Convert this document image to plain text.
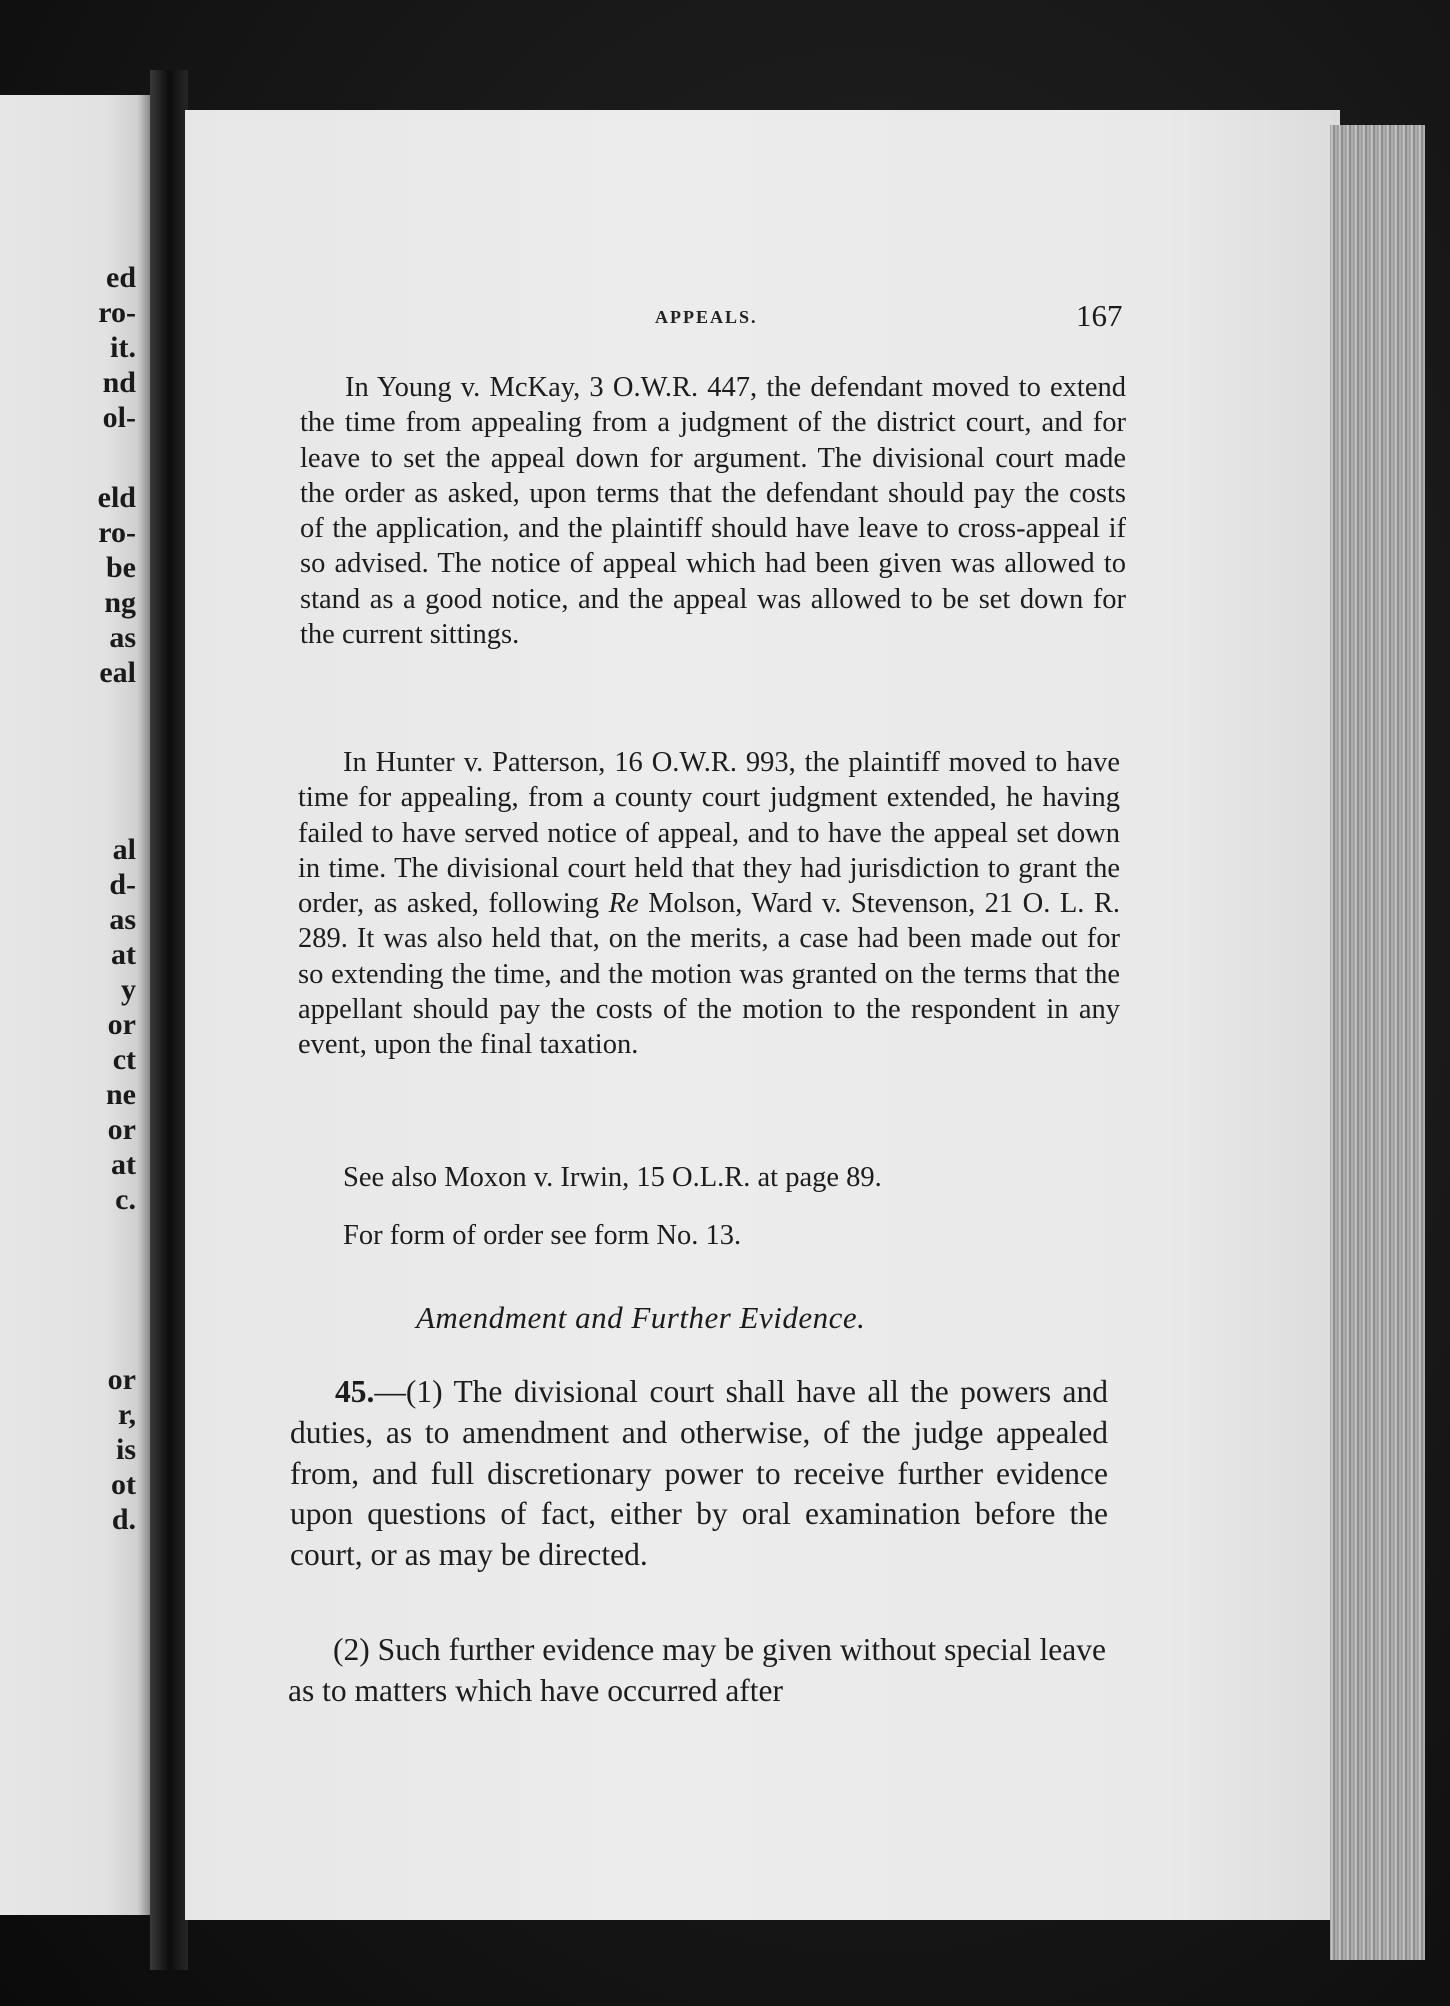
ed
ro-
it.
nd
ol-
eld
ro-
be
ng
as
eal
al
d-
as
at
y
or
ct
ne
or
at
c.
or
r,
is
ot
d.
APPEALS.	167

In Young v. McKay, 3 O.W.R. 447, the defendant moved to extend the time from appealing from a judgment of the district court, and for leave to set the appeal down for argument. The divisional court made the order as asked, upon terms that the defendant should pay the costs of the application, and the plaintiff should have leave to cross-appeal if so advised. The notice of appeal which had been given was allowed to stand as a good notice, and the appeal was allowed to be set down for the current sittings.

In Hunter v. Patterson, 16 O.W.R. 993, the plaintiff moved to have time for appealing, from a county court judgment extended, he having failed to have served notice of appeal, and to have the appeal set down in time. The divisional court held that they had jurisdiction to grant the order, as asked, following Re Molson, Ward v. Stevenson, 21 O. L. R. 289. It was also held that, on the merits, a case had been made out for so extending the time, and the motion was granted on the terms that the appellant should pay the costs of the motion to the respondent in any event, upon the final taxation.

See also Moxon v. Irwin, 15 O.L.R. at page 89.

For form of order see form No. 13.

Amendment and Further Evidence.

45.—(1) The divisional court shall have all the powers and duties, as to amendment and otherwise, of the judge appealed from, and full discretionary power to receive further evidence upon questions of fact, either by oral examination before the court, or as may be directed.

(2) Such further evidence may be given without special leave as to matters which have occurred after
